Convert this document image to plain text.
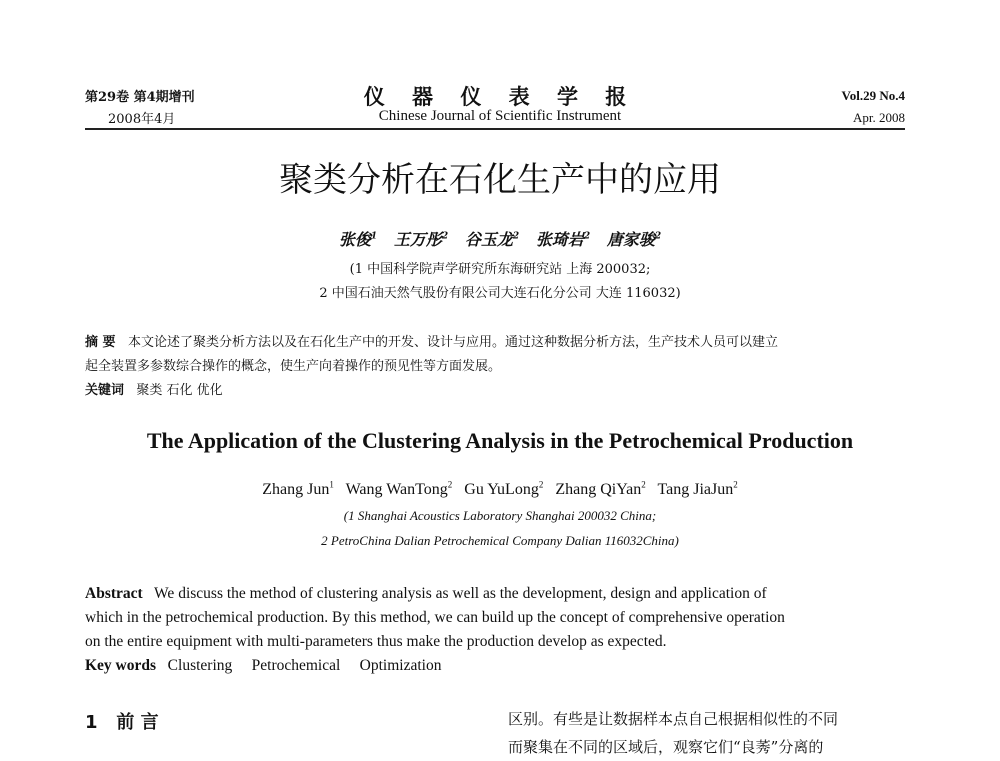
第29卷 第4期增刊
2008年4月
仪 器 仪 表 学 报
Chinese Journal of Scientific Instrument
Vol.29 No.4
Apr. 2008
聚类分析在石化生产中的应用
张俊$^1$ 王万彤$^2$ 谷玉龙$^2$ 张琦岩$^2$ 唐家骏$^2$
(1 中国科学院声学研究所东海研究站 上海 200032;
2 中国石油天然气股份有限公司大连石化分公司 大连 116032)
摘 要 本文论述了聚类分析方法以及在石化生产中的开发、设计与应用。通过这种数据分析方法，生产技术人员可以建立
起全装置多参数综合操作的概念，使生产向着操作的预见性等方面发展。
关键词 聚类 石化 优化
The Application of the Clustering Analysis in the Petrochemical Production
Zhang Jun$^1$ Wang WanTong$^2$ Gu YuLong$^2$ Zhang QiYan$^2$ Tang JiaJun$^2$
(1 Shanghai Acoustics Laboratory Shanghai 200032 China;
2 PetroChina Dalian Petrochemical Company Dalian 116032China)
Abstract We discuss the method of clustering analysis as well as the development, design and application of
which in the petrochemical production. By this method, we can build up the concept of comprehensive operation
on the entire equipment with multi-parameters thus make the production develop as expected.
Key words Clustering Petrochemical Optimization
1 前 言	区别。有些是让数据样本点自己根据相似性的不同
而聚集在不同的区域后，观察它们“良莠”分离的
